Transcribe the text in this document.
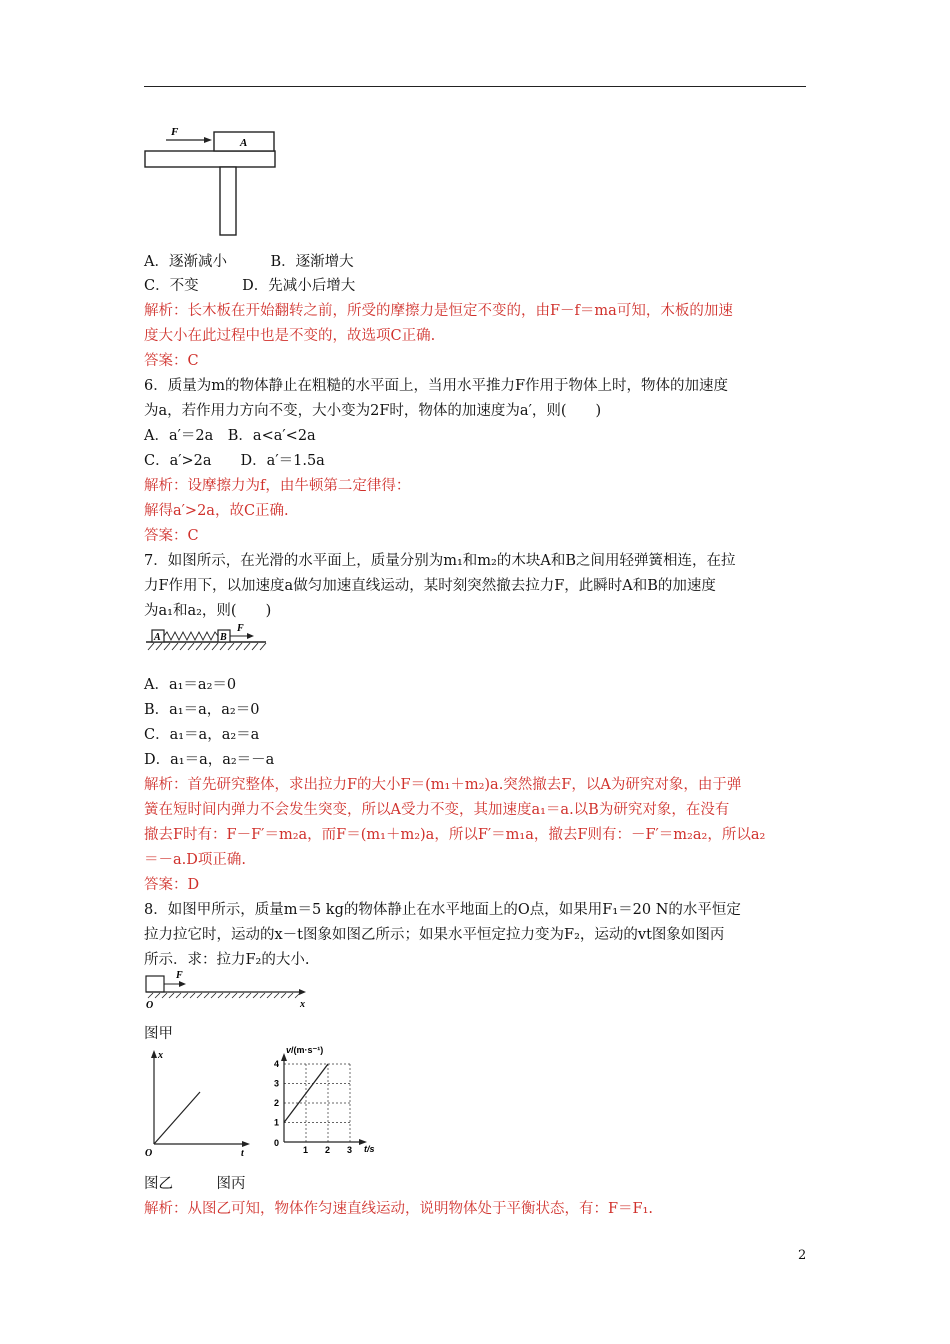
F
A
A．逐渐减小　　　B．逐渐增大
C．不变　　　D．先减小后增大
解析：长木板在开始翻转之前，所受的摩擦力是恒定不变的，由F－f＝ma可知，木板的加速
度大小在此过程中也是不变的，故选项C正确.
答案：C
6．质量为m的物体静止在粗糙的水平面上，当用水平推力F作用于物体上时，物体的加速度
为a，若作用力方向不变，大小变为2F时，物体的加速度为a′，则(　　)
A．a′＝2a　B．a<a′<2a
C．a′>2a　　D．a′＝1.5a
解析：设摩擦力为f，由牛顿第二定律得：
解得a′>2a，故C正确.
答案：C
7．如图所示，在光滑的水平面上，质量分别为m₁和m₂的木块A和B之间用轻弹簧相连，在拉
力F作用下，以加速度a做匀加速直线运动，某时刻突然撤去拉力F，此瞬时A和B的加速度
为a₁和a₂，则(　　)
A	B
F
A．a₁＝a₂＝0
B．a₁＝a，a₂＝0
C．a₁＝a，a₂＝a
D．a₁＝a，a₂＝－a
解析：首先研究整体，求出拉力F的大小F＝(m₁＋m₂)a.突然撤去F，以A为研究对象，由于弹
簧在短时间内弹力不会发生突变，所以A受力不变，其加速度a₁＝a.以B为研究对象，在没有
撤去F时有：F－F′＝m₂a，而F＝(m₁＋m₂)a，所以F′＝m₁a，撤去F则有：－F′＝m₂a₂，所以a₂
＝－a.D项正确.
答案：D
8．如图甲所示，质量m＝5 kg的物体静止在水平地面上的O点，如果用F₁＝20 N的水平恒定
拉力拉它时，运动的x－t图象如图乙所示；如果水平恒定拉力变为F₂，运动的vt图象如图丙
所示．求：拉力F₂的大小.
F
O	x
图甲
x
t
O
v/(m·s⁻¹)
t/s
0
1 2 3
1
2
3
4
图乙　　　图丙
解析：从图乙可知，物体作匀速直线运动，说明物体处于平衡状态，有：F＝F₁.
2
